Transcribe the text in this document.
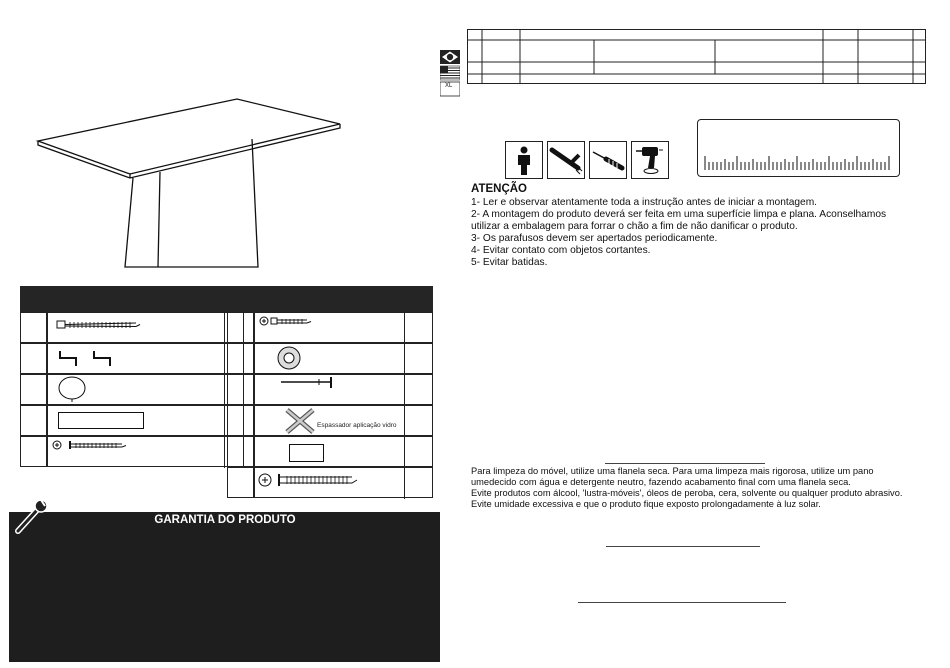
Espassador aplicação vidro
GARANTIA DO PRODUTO
XL
ATENÇÃO
1- Ler e observar atentamente toda a instrução antes de iniciar a montagem.
2- A montagem do produto deverá ser feita em uma superfície limpa e plana. Aconselhamos
utilizar a embalagem para forrar o chão a fim de não danificar o produto.
3- Os parafusos devem ser apertados periodicamente.
4- Evitar contato com objetos cortantes.
5- Evitar batidas.
Para limpeza do móvel, utilize uma flanela seca. Para uma limpeza mais rigorosa, utilize um pano
umedecido com água e detergente neutro, fazendo acabamento final com uma flanela seca.
Evite produtos com álcool, 'lustra-móveis', óleos de peroba, cera, solvente ou qualquer produto abrasivo.
Evite umidade excessiva e que o produto fique exposto prolongadamente à luz solar.
